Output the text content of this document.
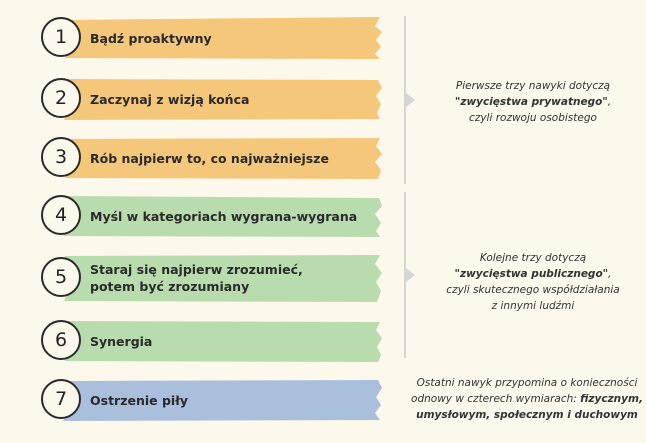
Bądź proaktywny
1
Zaczynaj z wizją końca
2
Rób najpierw to, co najważniejsze
3
Myśl w kategoriach wygrana-wygrana
4
Staraj się najpierw zrozumieć,
potem być zrozumiany
5
Synergia
6
Ostrzenie piły
7
Pierwsze trzy nawyki dotyczą
"zwycięstwa prywatnego",
czyli rozwoju osobistego
Kolejne trzy dotyczą
"zwycięstwa publicznego",
czyli skutecznego współdziałania
z innymi ludźmi
Ostatni nawyk przypomina o konieczności
odnowy w czterech wymiarach: fizycznym,
umysłowym, społecznym i duchowym
